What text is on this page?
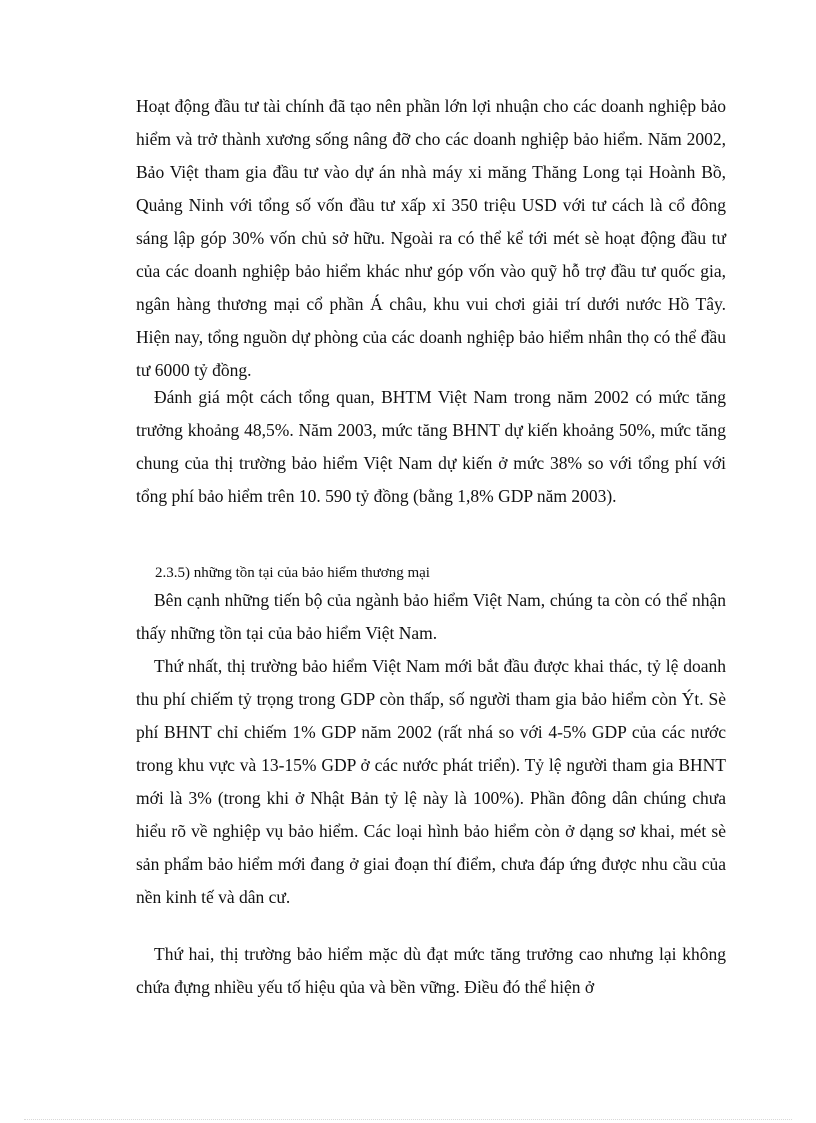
Hoạt động đầu tư tài chính đã tạo nên phần lớn lợi nhuận cho các doanh nghiệp bảo hiểm và trở thành xương sống nâng đỡ cho các doanh nghiệp bảo hiểm. Năm 2002, Bảo Việt tham gia đầu tư vào dự án nhà máy xi măng Thăng Long tại Hoành Bồ, Quảng Ninh với tổng số vốn đầu tư xấp xỉ 350 triệu USD với tư cách là cổ đông sáng lập góp 30% vốn chủ sở hữu. Ngoài ra có thể kể tới mét sè hoạt động đầu tư của các doanh nghiệp bảo hiểm khác như góp vốn vào quỹ hỗ trợ đầu tư quốc gia, ngân hàng thương mại cổ phần Á châu, khu vui chơi giải trí dưới nước Hồ Tây. Hiện nay, tổng nguồn dự phòng của các doanh nghiệp bảo hiểm nhân thọ có thể đầu tư 6000 tỷ đồng.

Đánh giá một cách tổng quan, BHTM Việt Nam trong năm 2002 có mức tăng trưởng khoảng 48,5%. Năm 2003, mức tăng BHNT dự kiến khoảng 50%, mức tăng chung của thị trường bảo hiểm Việt Nam dự kiến ở mức 38% so với tổng phí với tổng phí bảo hiểm trên 10. 590 tỷ đồng (bằng 1,8% GDP năm 2003).

2.3.5) những tồn tại của bảo hiểm thương mại

Bên cạnh những tiến bộ của ngành bảo hiểm Việt Nam, chúng ta còn có thể nhận thấy những tồn tại của bảo hiểm Việt Nam.

Thứ nhất, thị trường bảo hiểm Việt Nam mới bắt đầu được khai thác, tỷ lệ doanh thu phí chiếm tỷ trọng trong GDP còn thấp, số người tham gia bảo hiểm còn Ýt. Sè phí BHNT chỉ chiếm 1% GDP năm 2002 (rất nhá so với 4-5% GDP của các nước trong khu vực và 13-15% GDP ở các nước phát triển). Tỷ lệ người tham gia BHNT mới là 3% (trong khi ở Nhật Bản tỷ lệ này là 100%). Phần đông dân chúng chưa hiểu rõ về nghiệp vụ bảo hiểm. Các loại hình bảo hiểm còn ở dạng sơ khai, mét sè sản phẩm bảo hiểm mới đang ở giai đoạn thí điểm, chưa đáp ứng được nhu cầu của nền kinh tế và dân cư.

Thứ hai, thị trường bảo hiểm mặc dù đạt mức tăng trưởng cao nhưng lại không chứa đựng nhiều yếu tố hiệu qủa và bền vững. Điều đó thể hiện ở
